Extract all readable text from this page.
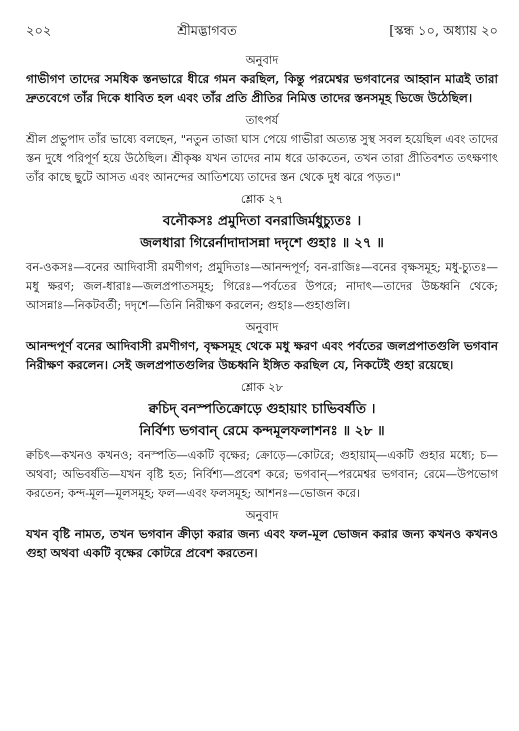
২০২	শ্রীমদ্ভাগবত	[স্কন্ধ ১০, অধ্যায় ২০
অনুবাদ

গাভীগণ তাদের সমধিক স্তনভারে ধীরে গমন করছিল, কিন্তু পরমেশ্বর ভগবানের আহ্বান মাত্রই তারা দ্রুতবেগে তাঁর দিকে ধাবিত হল এবং তাঁর প্রতি প্রীতির নিমিত্ত তাদের স্তনসমূহ ভিজে উঠেছিল।

তাৎপর্য

শ্রীল প্রভুপাদ তাঁর ভাষ্যে বলছেন, "নতুন তাজা ঘাস পেয়ে গাভীরা অত্যন্ত সুস্থ সবল হয়েছিল এবং তাদের স্তন দুধে পরিপূর্ণ হয়ে উঠেছিল। শ্রীকৃষ্ণ যখন তাদের নাম ধরে ডাকতেন, তখন তারা প্রীতিবশত তৎক্ষণাৎ তাঁর কাছে ছুটে আসত এবং আনন্দের আতিশয্যে তাদের স্তন থেকে দুধ ঝরে পড়ত।"

শ্লোক ২৭
বনৌকসঃ প্রমুদিতা বনরাজির্মধুচ্যুতঃ ।
জলধারা গিরের্নাদাদাসন্না দদৃশে গুহাঃ ॥ ২৭ ॥

বন-ওকসঃ—বনের আদিবাসী রমণীগণ; প্রমুদিতাঃ—আনন্দপূর্ণ; বন-রাজিঃ—বনের বৃক্ষসমূহ; মধু-চ্যুতঃ—মধু ক্ষরণ; জল-ধারাঃ—জলপ্রপাতসমূহ; গিরেঃ—পর্বতের উপরে; নাদাৎ—তাদের উচ্চধ্বনি থেকে; আসন্নাঃ—নিকটবর্তী; দদৃশে—তিনি নিরীক্ষণ করলেন; গুহাঃ—গুহাগুলি।

অনুবাদ

আনন্দপূর্ণ বনের আদিবাসী রমণীগণ, বৃক্ষসমূহ থেকে মধু ক্ষরণ এবং পর্বতের জলপ্রপাতগুলি ভগবান নিরীক্ষণ করলেন। সেই জলপ্রপাতগুলির উচ্চধ্বনি ইঙ্গিত করছিল যে, নিকটেই গুহা রয়েছে।

শ্লোক ২৮
ক্বচিদ্ বনস্পতিক্রোড়ে গুহায়াং চাভিবর্ষতি ।
নির্বিশ্য ভগবান্ রেমে কন্দমূলফলাশনঃ ॥ ২৮ ॥

ক্বচিৎ—কখনও কখনও; বনস্পতি—একটি বৃক্ষের; ক্রোড়ে—কোটরে; গুহায়াম্—একটি গুহার মধ্যে; চ—অথবা; অভিবর্ষতি—যখন বৃষ্টি হত; নির্বিশ্য—প্রবেশ করে; ভগবান্—পরমেশ্বর ভগবান; রেমে—উপভোগ করতেন; কন্দ-মূল—মূলসমূহ; ফল—এবং ফলসমূহ; আশনঃ—ভোজন করে।

অনুবাদ

যখন বৃষ্টি নামত, তখন ভগবান ক্রীড়া করার জন্য এবং ফল-মূল ভোজন করার জন্য কখনও কখনও গুহা অথবা একটি বৃক্ষের কোটরে প্রবেশ করতেন।
